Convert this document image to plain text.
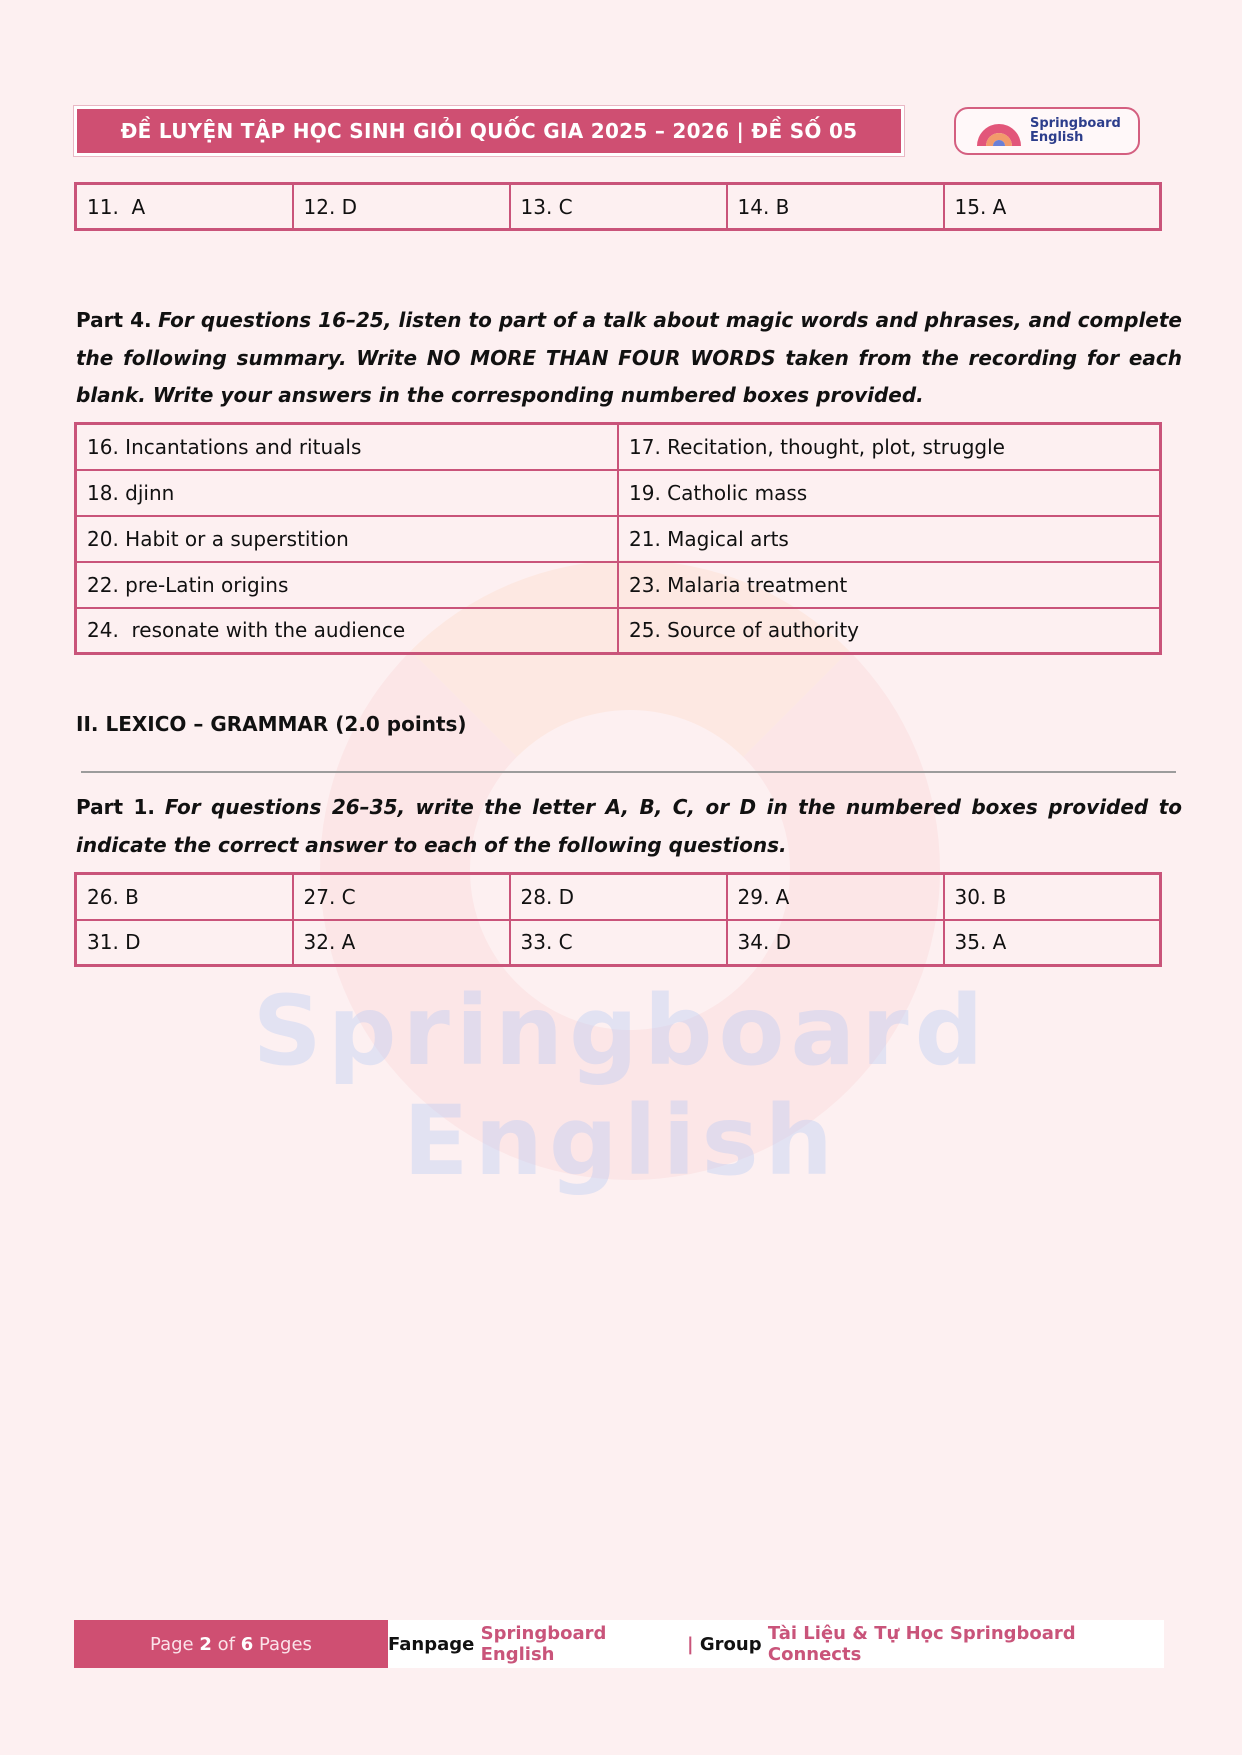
Springboard
English
ĐỀ LUYỆN TẬP HỌC SINH GIỎI QUỐC GIA 2025 – 2026 | ĐỀ SỐ 05	Springboard
English
11.  A	12. D	13. C	14. B	15. A
Part 4. For questions 16–25, listen to part of a talk about magic words and phrases, and complete the following summary. Write NO MORE THAN FOUR WORDS taken from the recording for each blank. Write your answers in the corresponding numbered boxes provided.
16. Incantations and rituals	17. Recitation, thought, plot, struggle
18. djinn	19. Catholic mass
20. Habit or a superstition	21. Magical arts
22. pre-Latin origins	23. Malaria treatment
24.  resonate with the audience	25. Source of authority
II. LEXICO – GRAMMAR (2.0 points)
Part 1. For questions 26–35, write the letter A, B, C, or D in the numbered boxes provided to indicate the correct answer to each of the following questions.
26. B	27. C	28. D	29. A	30. B
31. D	32. A	33. C	34. D	35. A
Page
2
of
6
Pages	Fanpage
Springboard English
	|
Group
Tài Liệu & Tự Học Springboard Connects
